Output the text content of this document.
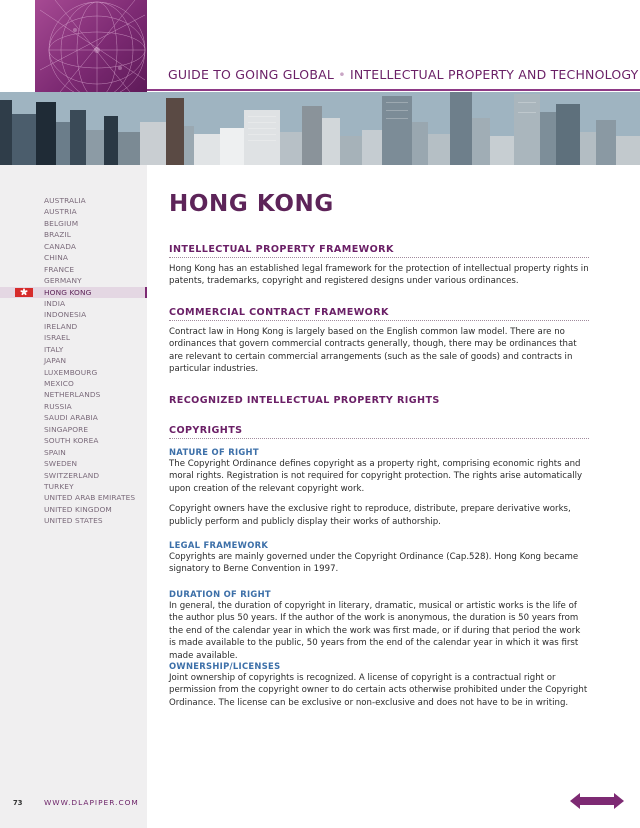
GUIDE TO GOING GLOBAL • INTELLECTUAL PROPERTY AND TECHNOLOGY
AUSTRALIA
AUSTRIA
BELGIUM
BRAZIL
CANADA
CHINA
FRANCE
GERMANY
HONG KONG
INDIA
INDONESIA
IRELAND
ISRAEL
ITALY
JAPAN
LUXEMBOURG
MEXICO
NETHERLANDS
RUSSIA
SAUDI ARABIA
SINGAPORE
SOUTH KOREA
SPAIN
SWEDEN
SWITZERLAND
TURKEY
UNITED ARAB EMIRATES
UNITED KINGDOM
UNITED STATES
HONG KONG
INTELLECTUAL PROPERTY FRAMEWORK

Hong Kong has an established legal framework for the protection of intellectual property rights in patents, trademarks, copyright and registered designs under various ordinances.

COMMERCIAL CONTRACT FRAMEWORK

Contract law in Hong Kong is largely based on the English common law model. There are no ordinances that govern commercial contracts generally, though, there may be ordinances that are relevant to certain commercial arrangements (such as the sale of goods) and contracts in particular industries.

RECOGNIZED INTELLECTUAL PROPERTY RIGHTS
COPYRIGHTS
NATURE OF RIGHT

The Copyright Ordinance defines copyright as a property right, comprising economic rights and moral rights. Registration is not required for copyright protection. The rights arise automatically upon creation of the relevant copyright work.

Copyright owners have the exclusive right to reproduce, distribute, prepare derivative works, publicly perform and publicly display their works of authorship.

LEGAL FRAMEWORK

Copyrights are mainly governed under the Copyright Ordinance (Cap.528). Hong Kong became signatory to Berne Convention in 1997.

DURATION OF RIGHT

In general, the duration of copyright in literary, dramatic, musical or artistic works is the life of the author plus 50 years. If the author of the work is anonymous, the duration is 50 years from the end of the calendar year in which the work was first made, or if during that period the work is made available to the public, 50 years from the end of the calendar year in which it was first made available.

OWNERSHIP/LICENSES

Joint ownership of copyrights is recognized. A license of copyright is a contractual right or permission from the copyright owner to do certain acts otherwise prohibited under the Copyright Ordinance. The license can be exclusive or non-exclusive and does not have to be in writing.

73	WWW.DLAPIPER.COM
